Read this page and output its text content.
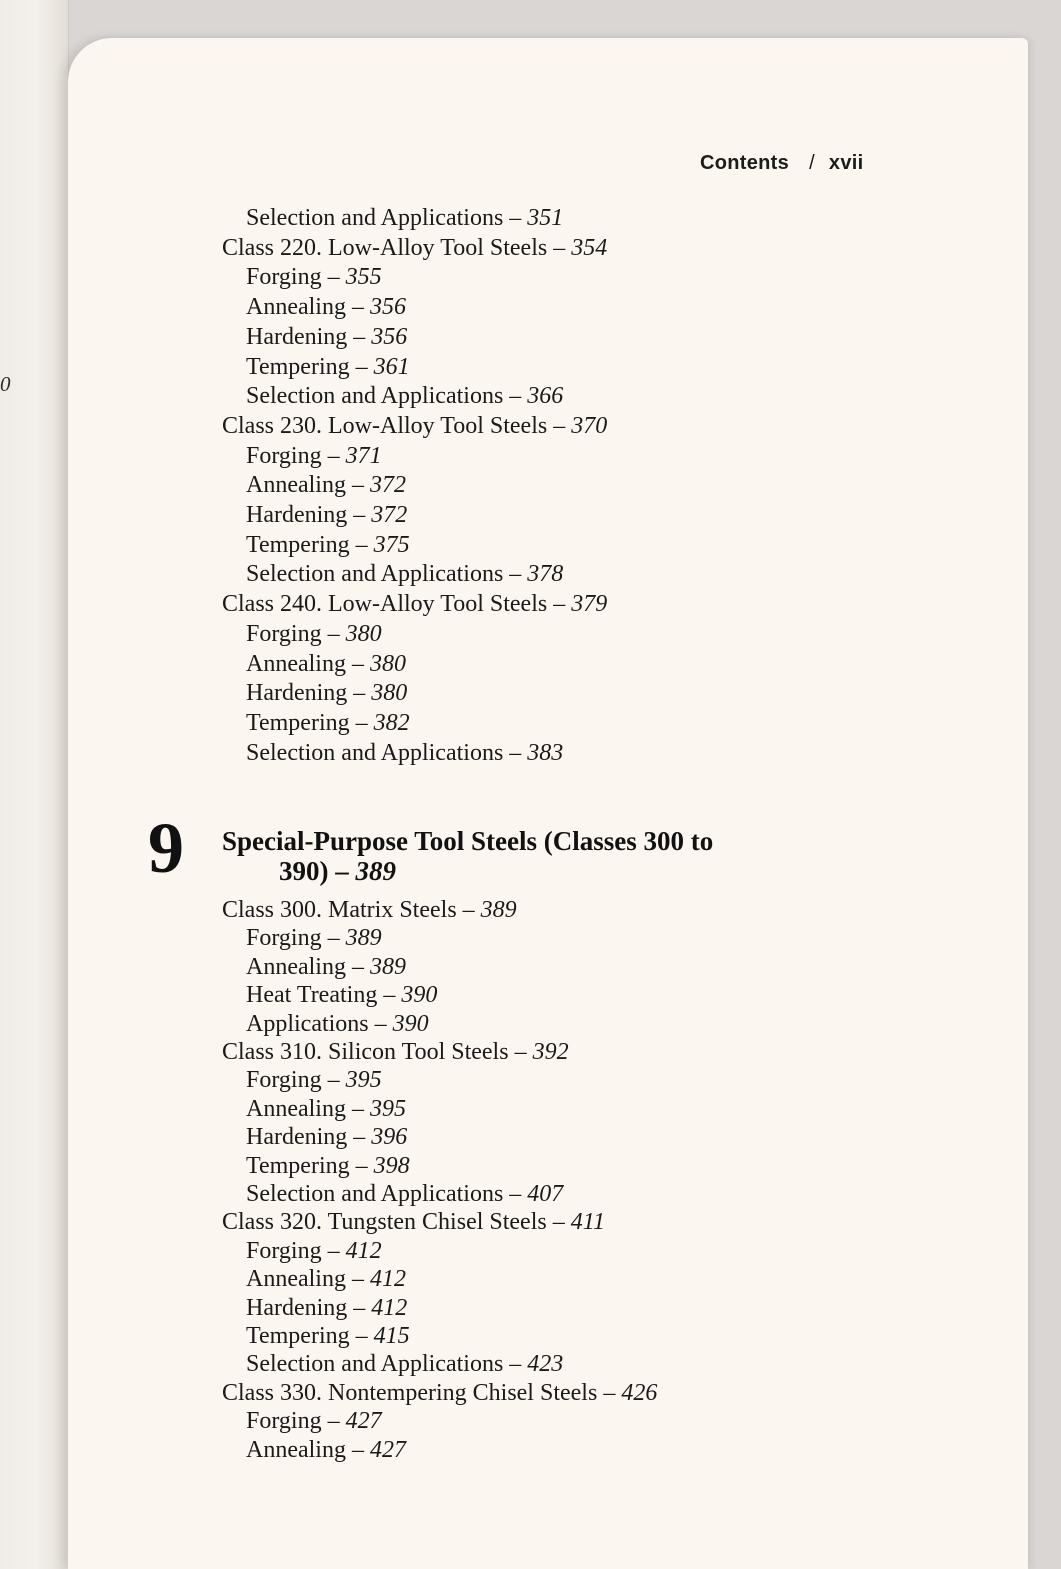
0
Contents / xvii
Selection and Applications – 351
Class 220. Low-Alloy Tool Steels – 354
Forging – 355
Annealing – 356
Hardening – 356
Tempering – 361
Selection and Applications – 366
Class 230. Low-Alloy Tool Steels – 370
Forging – 371
Annealing – 372
Hardening – 372
Tempering – 375
Selection and Applications – 378
Class 240. Low-Alloy Tool Steels – 379
Forging – 380
Annealing – 380
Hardening – 380
Tempering – 382
Selection and Applications – 383
9 Special-Purpose Tool Steels (Classes 300 to
390) – 389
Class 300. Matrix Steels – 389
Forging – 389
Annealing – 389
Heat Treating – 390
Applications – 390
Class 310. Silicon Tool Steels – 392
Forging – 395
Annealing – 395
Hardening – 396
Tempering – 398
Selection and Applications – 407
Class 320. Tungsten Chisel Steels – 411
Forging – 412
Annealing – 412
Hardening – 412
Tempering – 415
Selection and Applications – 423
Class 330. Nontempering Chisel Steels – 426
Forging – 427
Annealing – 427
